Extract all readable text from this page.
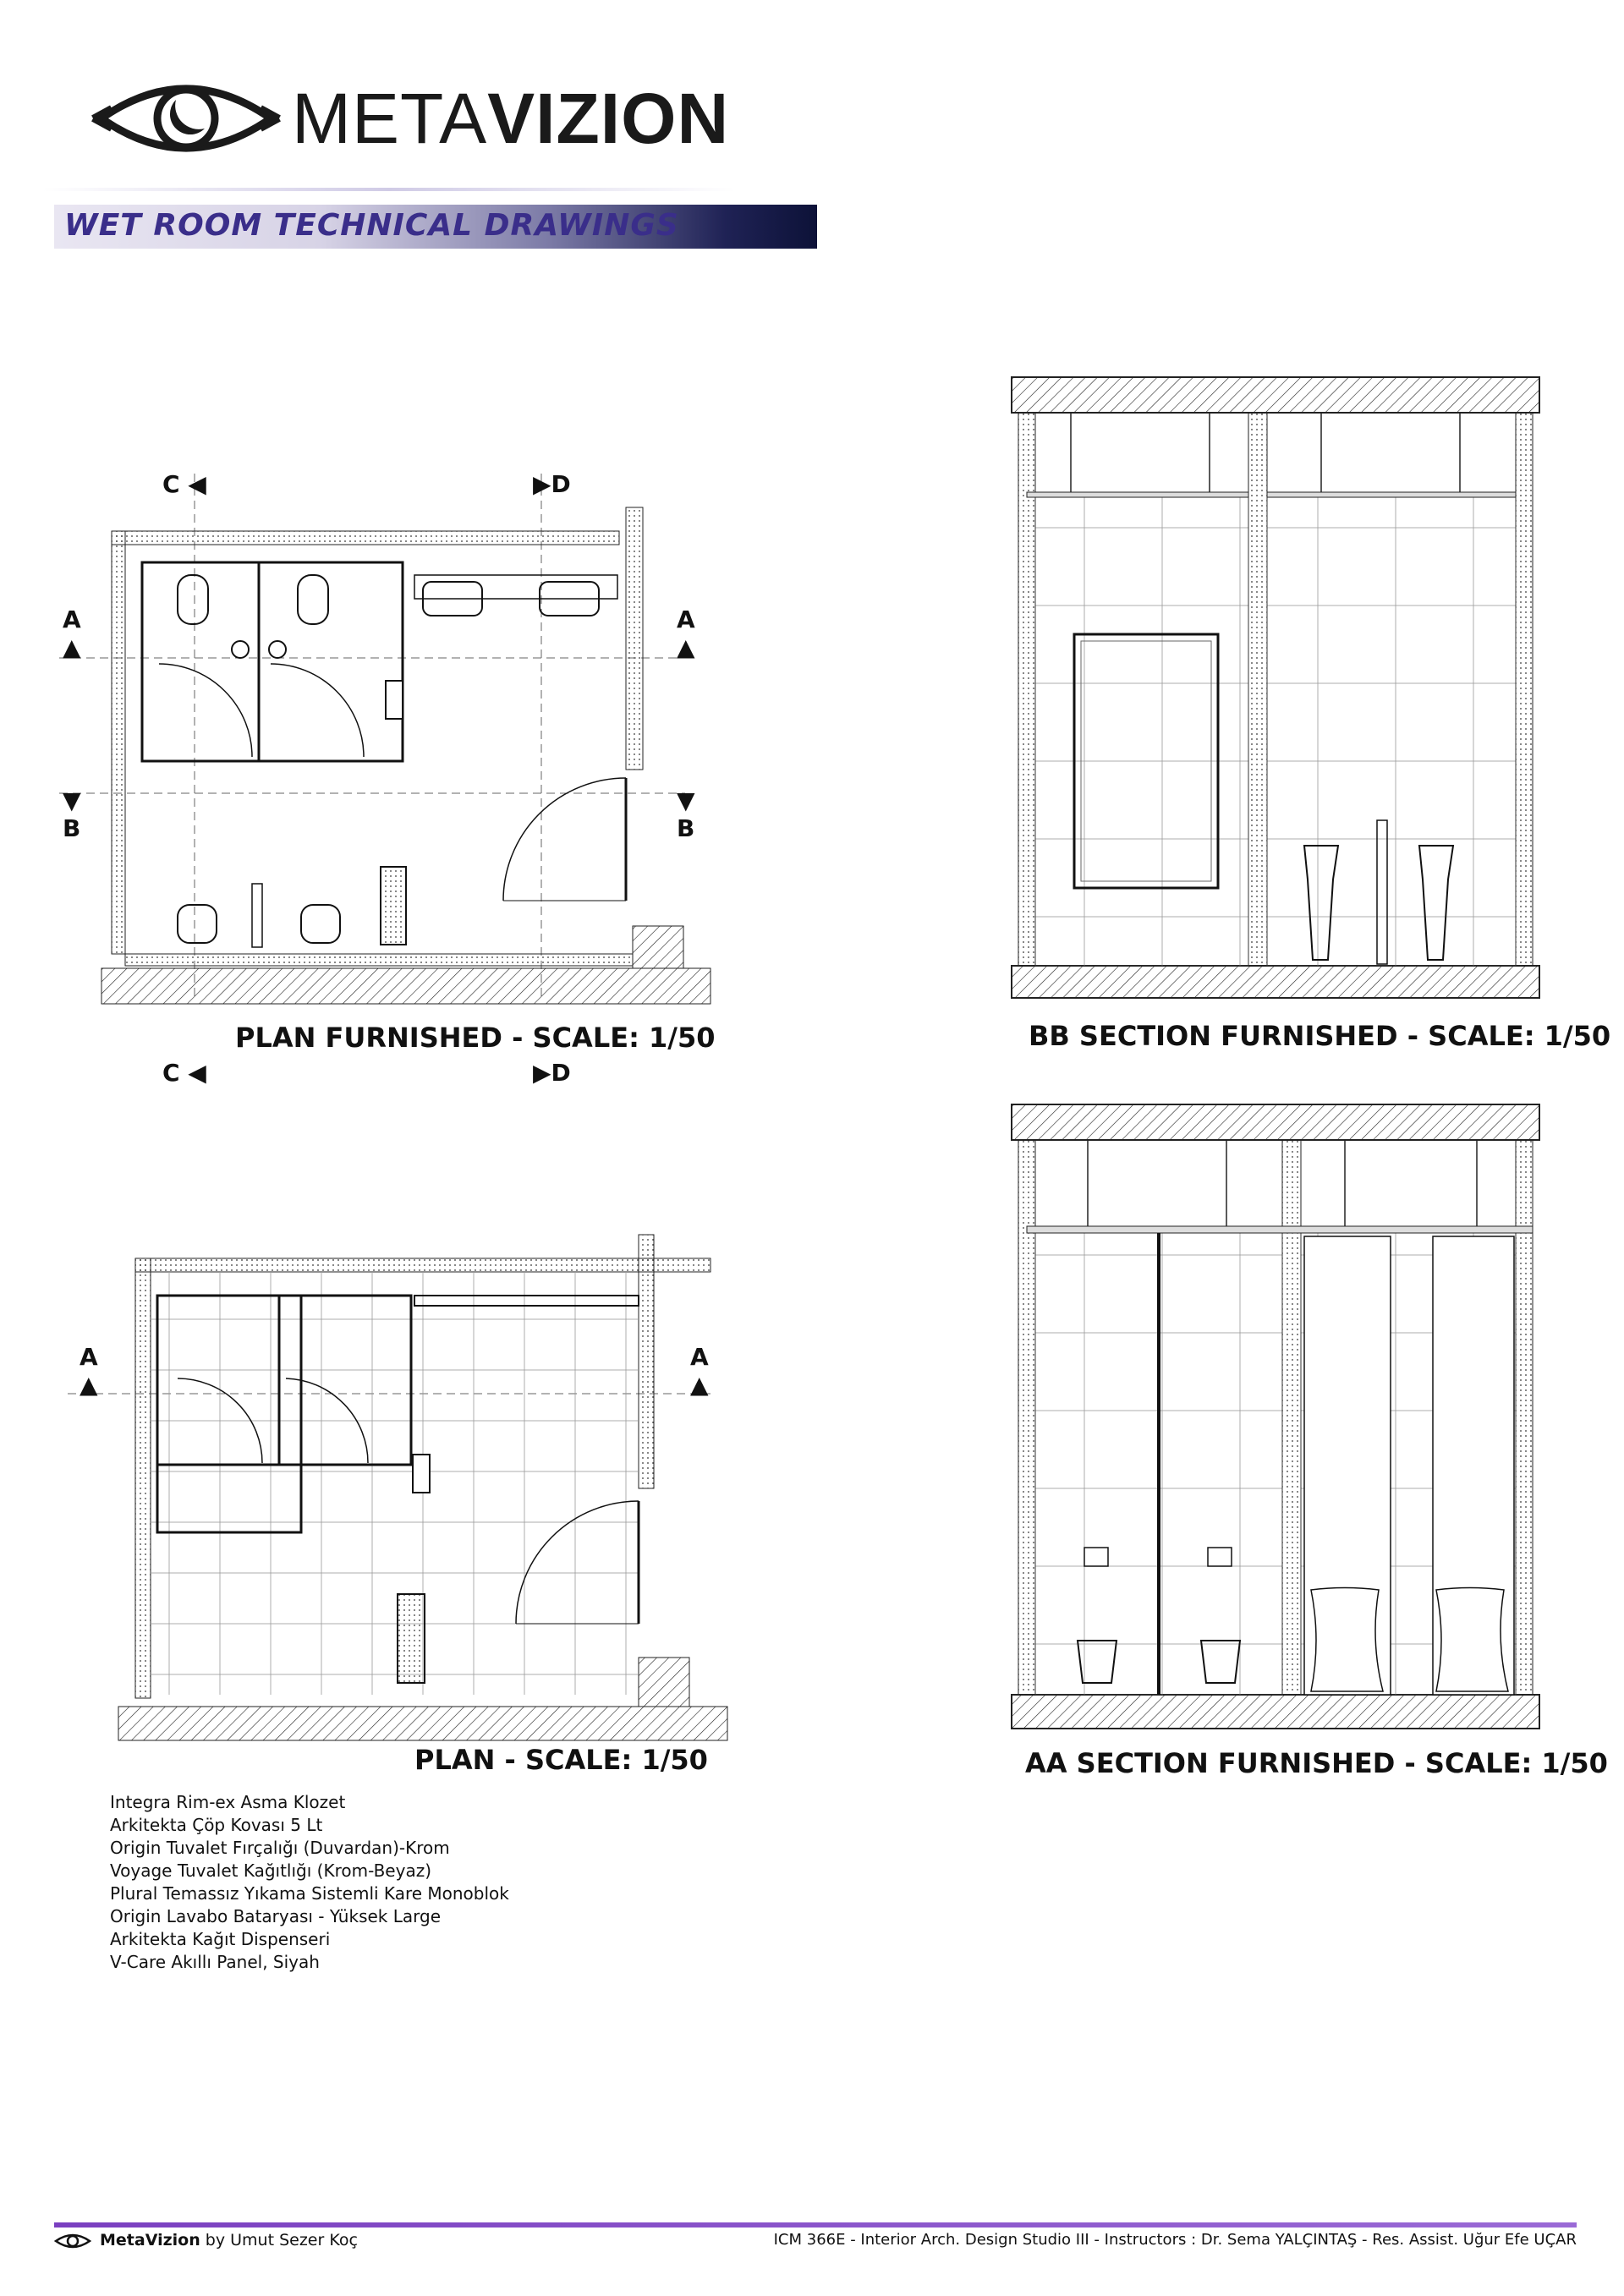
METAVIZION
WET ROOM TECHNICAL DRAWINGS
PLAN FURNISHED - SCALE: 1/50
C ◀	▶D
C ◀	▶D
A
▲
A
▲
▼
B
▼
B
PLAN - SCALE: 1/50
A
▲
A
▲
BB SECTION FURNISHED - SCALE: 1/50
AA SECTION FURNISHED - SCALE: 1/50
Integra Rim-ex Asma Klozet
Arkitekta Çöp Kovası 5 Lt
Origin Tuvalet Fırçalığı (Duvardan)-Krom
Voyage Tuvalet Kağıtlığı (Krom-Beyaz)
Plural Temassız Yıkama Sistemli Kare Monoblok
Origin Lavabo Bataryası - Yüksek Large
Arkitekta Kağıt Dispenseri
V-Care Akıllı Panel, Siyah
MetaVizion by Umut Sezer Koç	ICM 366E - Interior Arch. Design Studio III - Instructors : Dr. Sema YALÇINTAŞ - Res. Assist. Uğur Efe UÇAR
